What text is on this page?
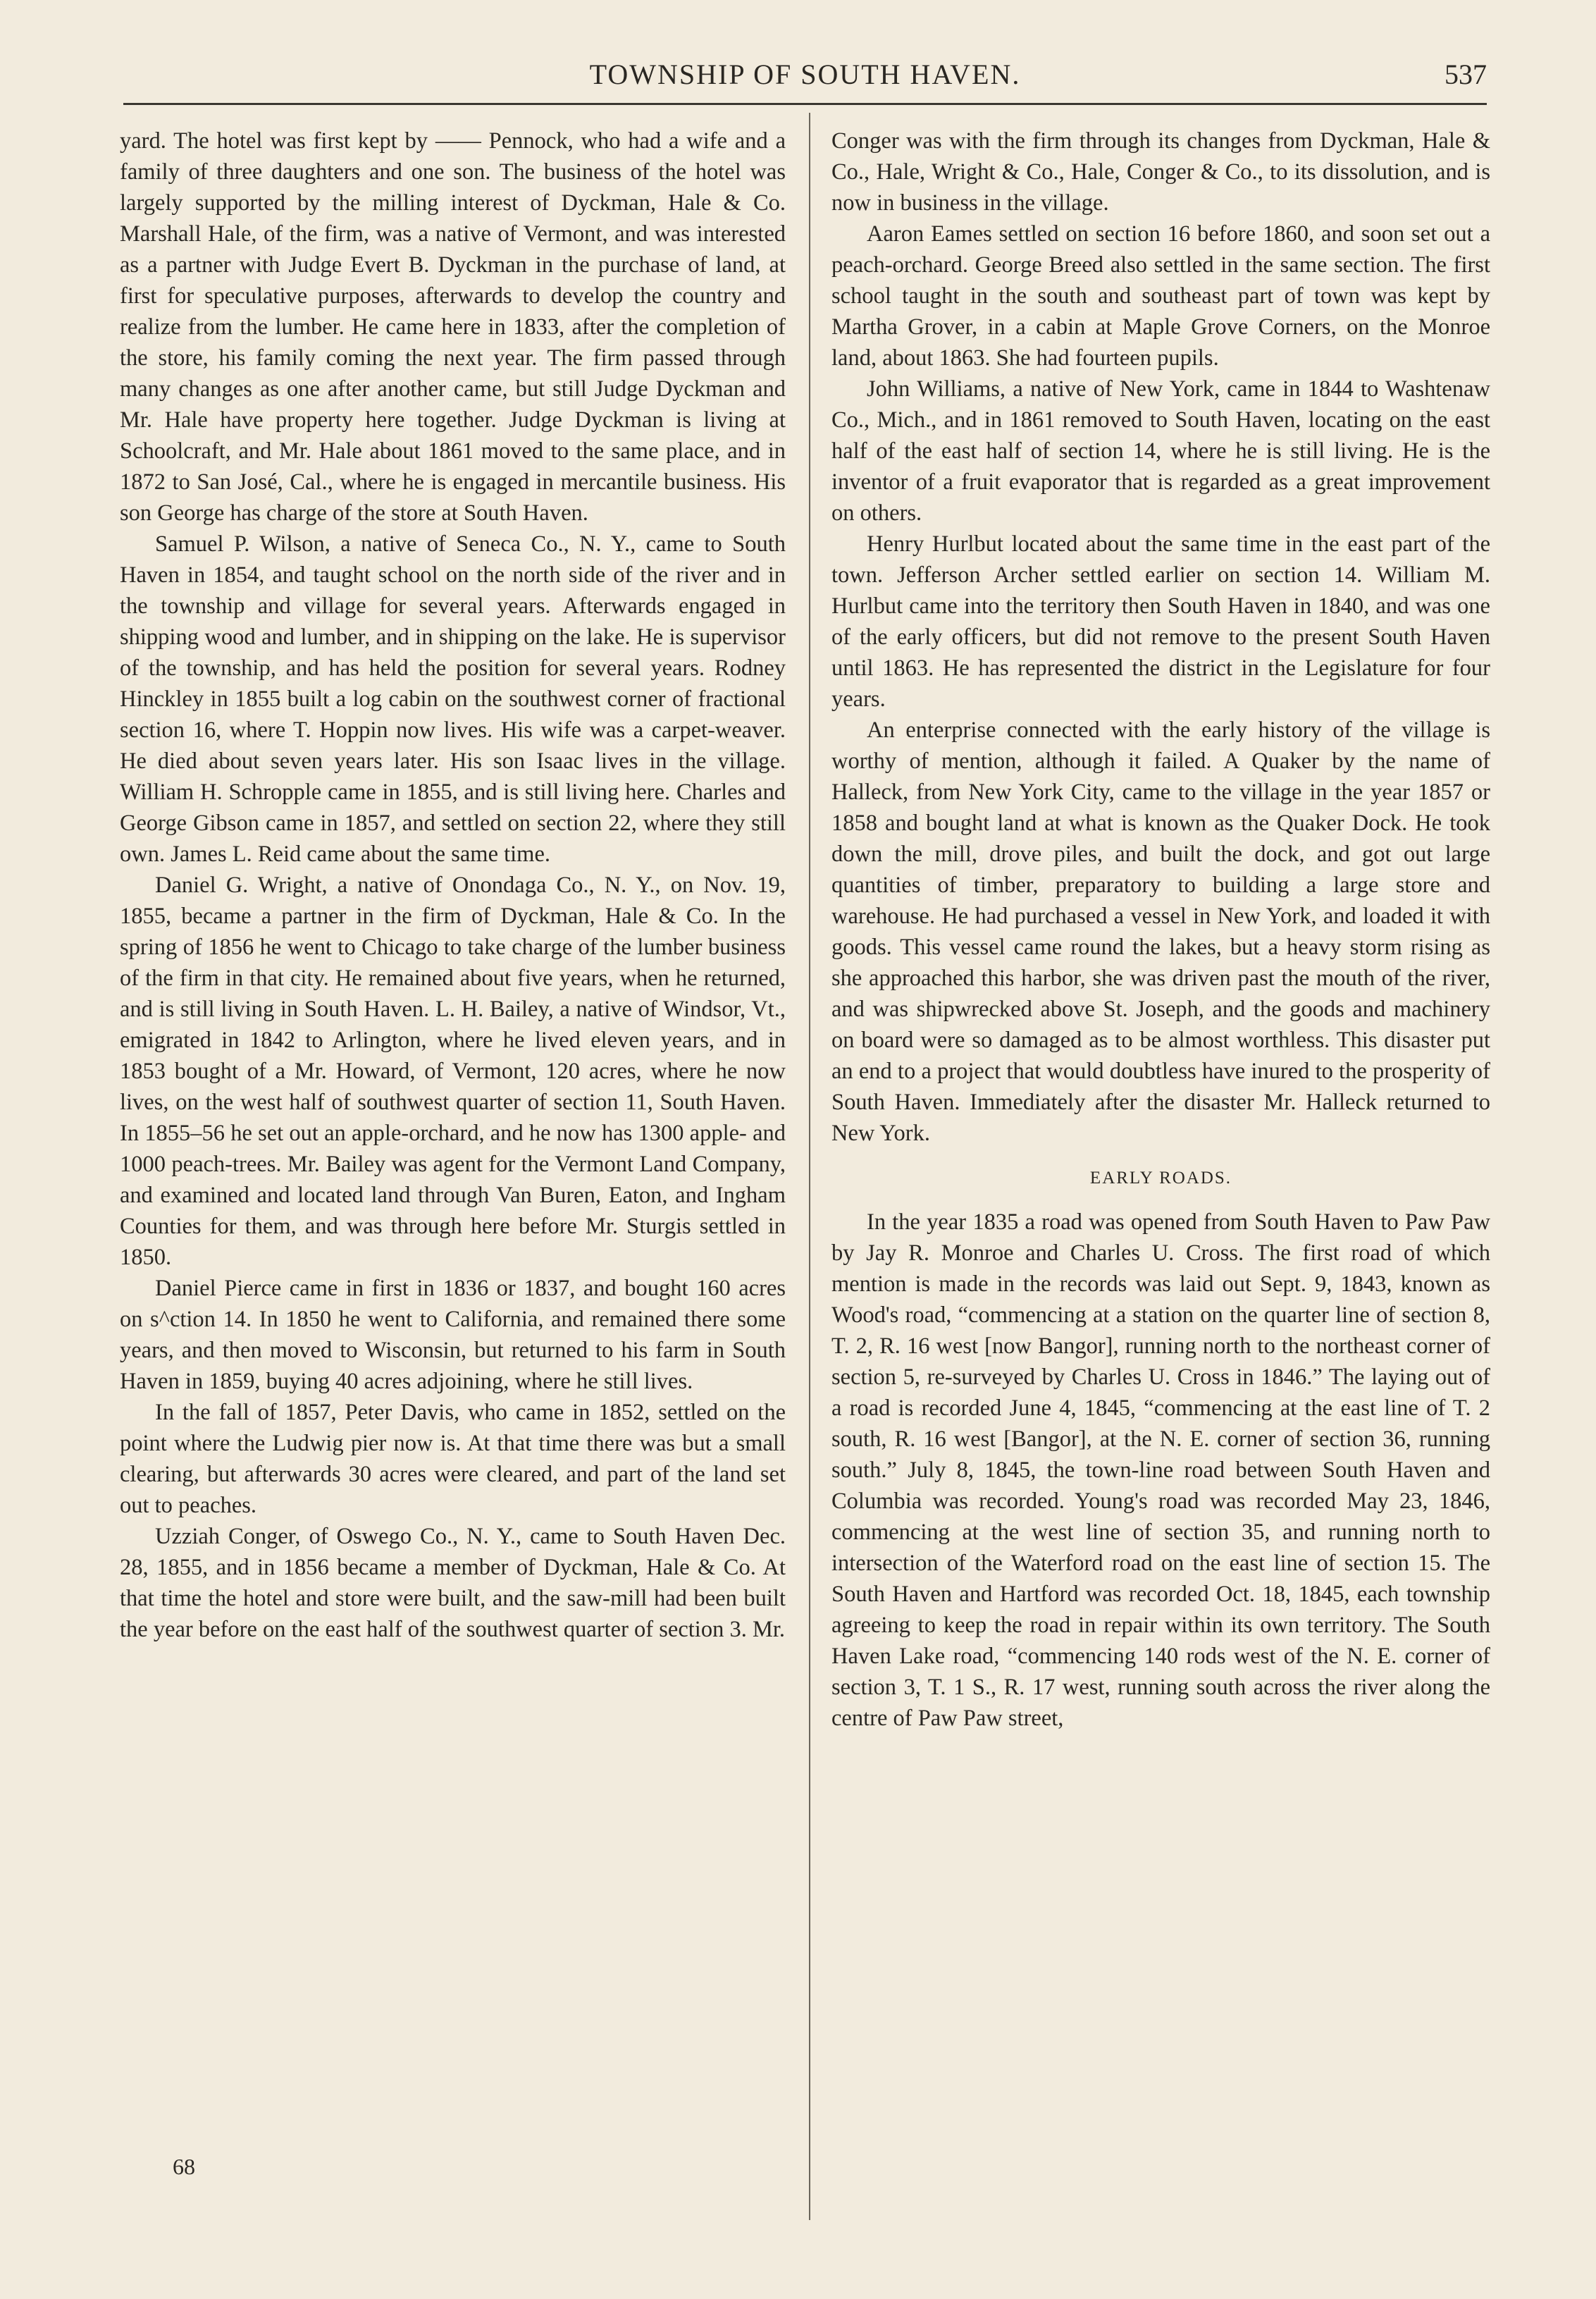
TOWNSHIP OF SOUTH HAVEN.	537

yard. The hotel was first kept by —— Pennock, who had a wife and a family of three daughters and one son. The business of the hotel was largely supported by the milling interest of Dyckman, Hale & Co. Marshall Hale, of the firm, was a native of Vermont, and was interested as a partner with Judge Evert B. Dyckman in the purchase of land, at first for speculative purposes, afterwards to develop the country and realize from the lumber. He came here in 1833, after the completion of the store, his family coming the next year. The firm passed through many changes as one after another came, but still Judge Dyckman and Mr. Hale have property here together. Judge Dyckman is living at Schoolcraft, and Mr. Hale about 1861 moved to the same place, and in 1872 to San José, Cal., where he is engaged in mercantile business. His son George has charge of the store at South Haven.

Samuel P. Wilson, a native of Seneca Co., N. Y., came to South Haven in 1854, and taught school on the north side of the river and in the township and village for several years. Afterwards engaged in shipping wood and lumber, and in shipping on the lake. He is supervisor of the township, and has held the position for several years. Rodney Hinckley in 1855 built a log cabin on the southwest corner of fractional section 16, where T. Hoppin now lives. His wife was a carpet-weaver. He died about seven years later. His son Isaac lives in the village. William H. Schropple came in 1855, and is still living here. Charles and George Gibson came in 1857, and settled on section 22, where they still own. James L. Reid came about the same time.

Daniel G. Wright, a native of Onondaga Co., N. Y., on Nov. 19, 1855, became a partner in the firm of Dyckman, Hale & Co. In the spring of 1856 he went to Chicago to take charge of the lumber business of the firm in that city. He remained about five years, when he returned, and is still living in South Haven. L. H. Bailey, a native of Windsor, Vt., emigrated in 1842 to Arlington, where he lived eleven years, and in 1853 bought of a Mr. Howard, of Vermont, 120 acres, where he now lives, on the west half of southwest quarter of section 11, South Haven. In 1855–56 he set out an apple-orchard, and he now has 1300 apple- and 1000 peach-trees. Mr. Bailey was agent for the Vermont Land Company, and examined and located land through Van Buren, Eaton, and Ingham Counties for them, and was through here before Mr. Sturgis settled in 1850.

Daniel Pierce came in first in 1836 or 1837, and bought 160 acres on s^ction 14. In 1850 he went to California, and remained there some years, and then moved to Wisconsin, but returned to his farm in South Haven in 1859, buying 40 acres adjoining, where he still lives.

In the fall of 1857, Peter Davis, who came in 1852, settled on the point where the Ludwig pier now is. At that time there was but a small clearing, but afterwards 30 acres were cleared, and part of the land set out to peaches.

Uzziah Conger, of Oswego Co., N. Y., came to South Haven Dec. 28, 1855, and in 1856 became a member of Dyckman, Hale & Co. At that time the hotel and store were built, and the saw-mill had been built the year before on the east half of the southwest quarter of section 3. Mr.

Conger was with the firm through its changes from Dyckman, Hale & Co., Hale, Wright & Co., Hale, Conger & Co., to its dissolution, and is now in business in the village.

Aaron Eames settled on section 16 before 1860, and soon set out a peach-orchard. George Breed also settled in the same section. The first school taught in the south and southeast part of town was kept by Martha Grover, in a cabin at Maple Grove Corners, on the Monroe land, about 1863. She had fourteen pupils.

John Williams, a native of New York, came in 1844 to Washtenaw Co., Mich., and in 1861 removed to South Haven, locating on the east half of the east half of section 14, where he is still living. He is the inventor of a fruit evaporator that is regarded as a great improvement on others.

Henry Hurlbut located about the same time in the east part of the town. Jefferson Archer settled earlier on section 14. William M. Hurlbut came into the territory then South Haven in 1840, and was one of the early officers, but did not remove to the present South Haven until 1863. He has represented the district in the Legislature for four years.

An enterprise connected with the early history of the village is worthy of mention, although it failed. A Quaker by the name of Halleck, from New York City, came to the village in the year 1857 or 1858 and bought land at what is known as the Quaker Dock. He took down the mill, drove piles, and built the dock, and got out large quantities of timber, preparatory to building a large store and warehouse. He had purchased a vessel in New York, and loaded it with goods. This vessel came round the lakes, but a heavy storm rising as she approached this harbor, she was driven past the mouth of the river, and was shipwrecked above St. Joseph, and the goods and machinery on board were so damaged as to be almost worthless. This disaster put an end to a project that would doubtless have inured to the prosperity of South Haven. Immediately after the disaster Mr. Halleck returned to New York.

EARLY ROADS.

In the year 1835 a road was opened from South Haven to Paw Paw by Jay R. Monroe and Charles U. Cross. The first road of which mention is made in the records was laid out Sept. 9, 1843, known as Wood's road, “commencing at a station on the quarter line of section 8, T. 2, R. 16 west [now Bangor], running north to the northeast corner of section 5, re-surveyed by Charles U. Cross in 1846.” The laying out of a road is recorded June 4, 1845, “commencing at the east line of T. 2 south, R. 16 west [Bangor], at the N. E. corner of section 36, running south.” July 8, 1845, the town-line road between South Haven and Columbia was recorded. Young's road was recorded May 23, 1846, commencing at the west line of section 35, and running north to intersection of the Waterford road on the east line of section 15. The South Haven and Hartford was recorded Oct. 18, 1845, each township agreeing to keep the road in repair within its own territory. The South Haven Lake road, “commencing 140 rods west of the N. E. corner of section 3, T. 1 S., R. 17 west, running south across the river along the centre of Paw Paw street,

68
